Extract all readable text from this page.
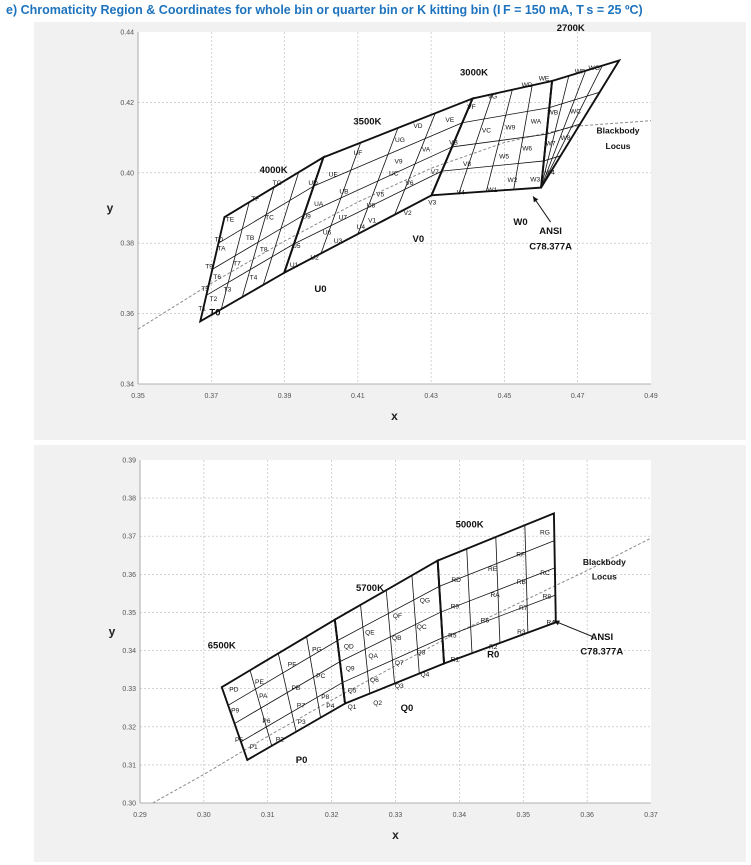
e) Chromaticity Region & Coordinates for whole bin or quarter bin or K kitting bin (I F = 150 mA, T s = 25 ºC)
0.35	0.37	0.39	0.41	0.43	0.45	0.47	0.49
0.34
0.36
0.38
0.40
0.42
0.44
T1
T2
T3
T4
T5
T6
T7
T8
T9
TA
TB
TC
TD
TE
TF
TG
U1
U2
U3
U4
U5
U6
U7
U8
U9
UA
UB
UC
UD
UE
UF
UG
V1
V2
V3
V4
V5
V6
V7
V8
V9
VA
VB
VC
VD
VE
VF
VG
W1
W2 W3
W4
W5
W6
W7
W8
W9
WA
WB WC
WD
WE
WF
WG
4000K
3500K
3000K
2700K
T0
U0
V0
W0
Blackbody
Locus
ANSI
C78.377A
x
y
0.29	0.30	0.31	0.32	0.33	0.34	0.35	0.36	0.37
0.30
0.31
0.32
0.33
0.34
0.35
0.36
0.37
0.38
0.39
P1
P2
P3
P4
P5
P6
P7
P8
P9
PA
PB
PC
PD
PE
PF
PG
Q1
Q2
Q3
Q4
Q5
Q6
Q7
Q8
Q9
QA
QB
QC
QD
QE
QF
QG
R1
R2
R3
R4
R5
R6
R7
R8
R9
RA
RB
RC
RD
RE
RF
RG
6500K
5700K
5000K
P0
Q0
R0
Blackbody
Locus
ANSI
C78.377A
x
y
